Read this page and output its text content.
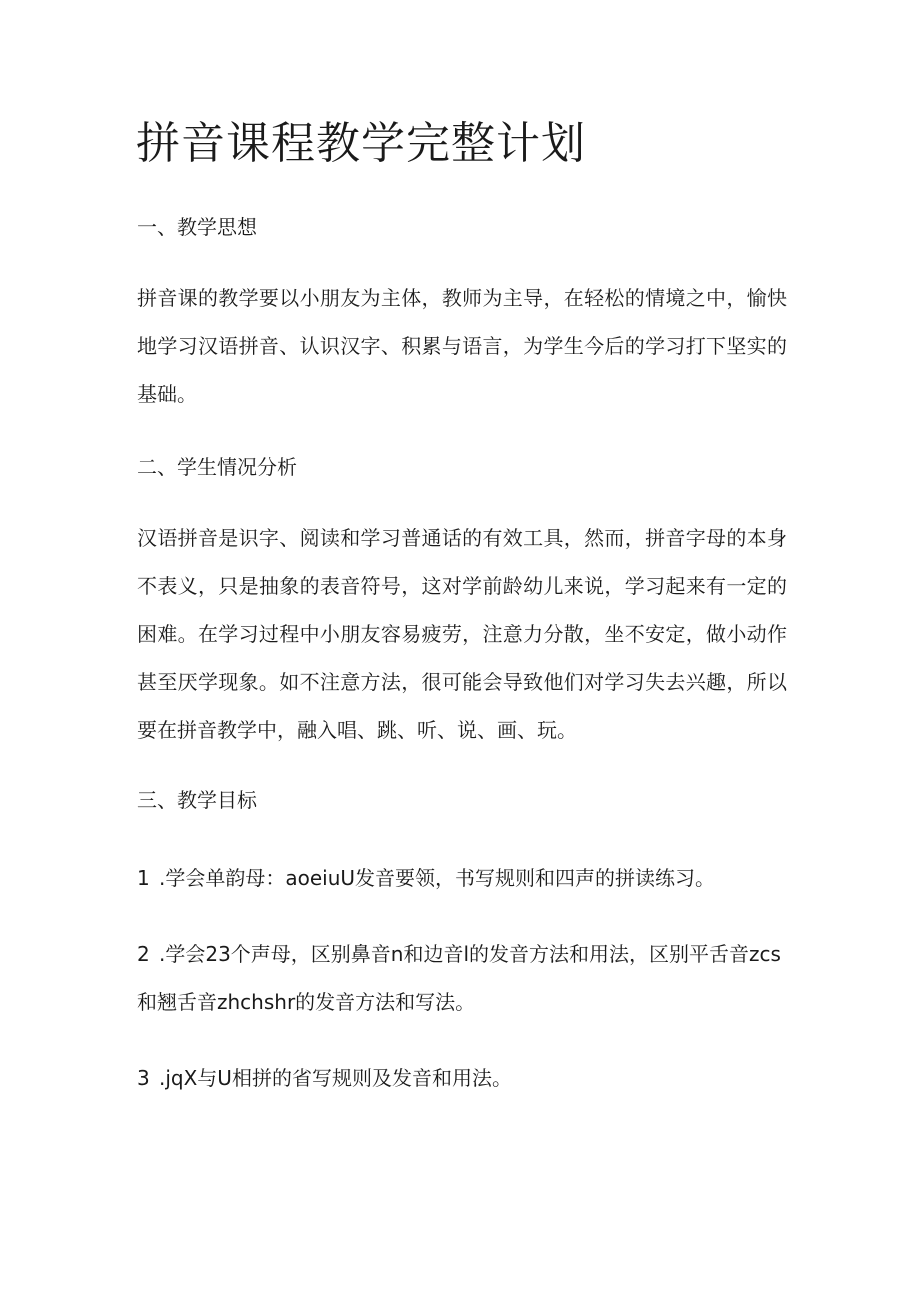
拼音课程教学完整计划
一、教学思想

拼音课的教学要以小朋友为主体，教师为主导，在轻松的情境之中，愉快地学习汉语拼音、认识汉字、积累与语言，为学生今后的学习打下坚实的基础。

二、学生情况分析

汉语拼音是识字、阅读和学习普通话的有效工具，然而，拼音字母的本身不表义，只是抽象的表音符号，这对学前龄幼儿来说，学习起来有一定的困难。在学习过程中小朋友容易疲劳，注意力分散，坐不安定，做小动作甚至厌学现象。如不注意方法，很可能会导致他们对学习失去兴趣，所以要在拼音教学中，融入唱、跳、听、说、画、玩。

三、教学目标
1 .学会单韵母：aoeiuU发音要领，书写规则和四声的拼读练习。
2 .学会23个声母，区别鼻音n和边音l的发音方法和用法，区别平舌音zcs和翘舌音zhchshr的发音方法和写法。
3 .jqX与U相拼的省写规则及发音和用法。
